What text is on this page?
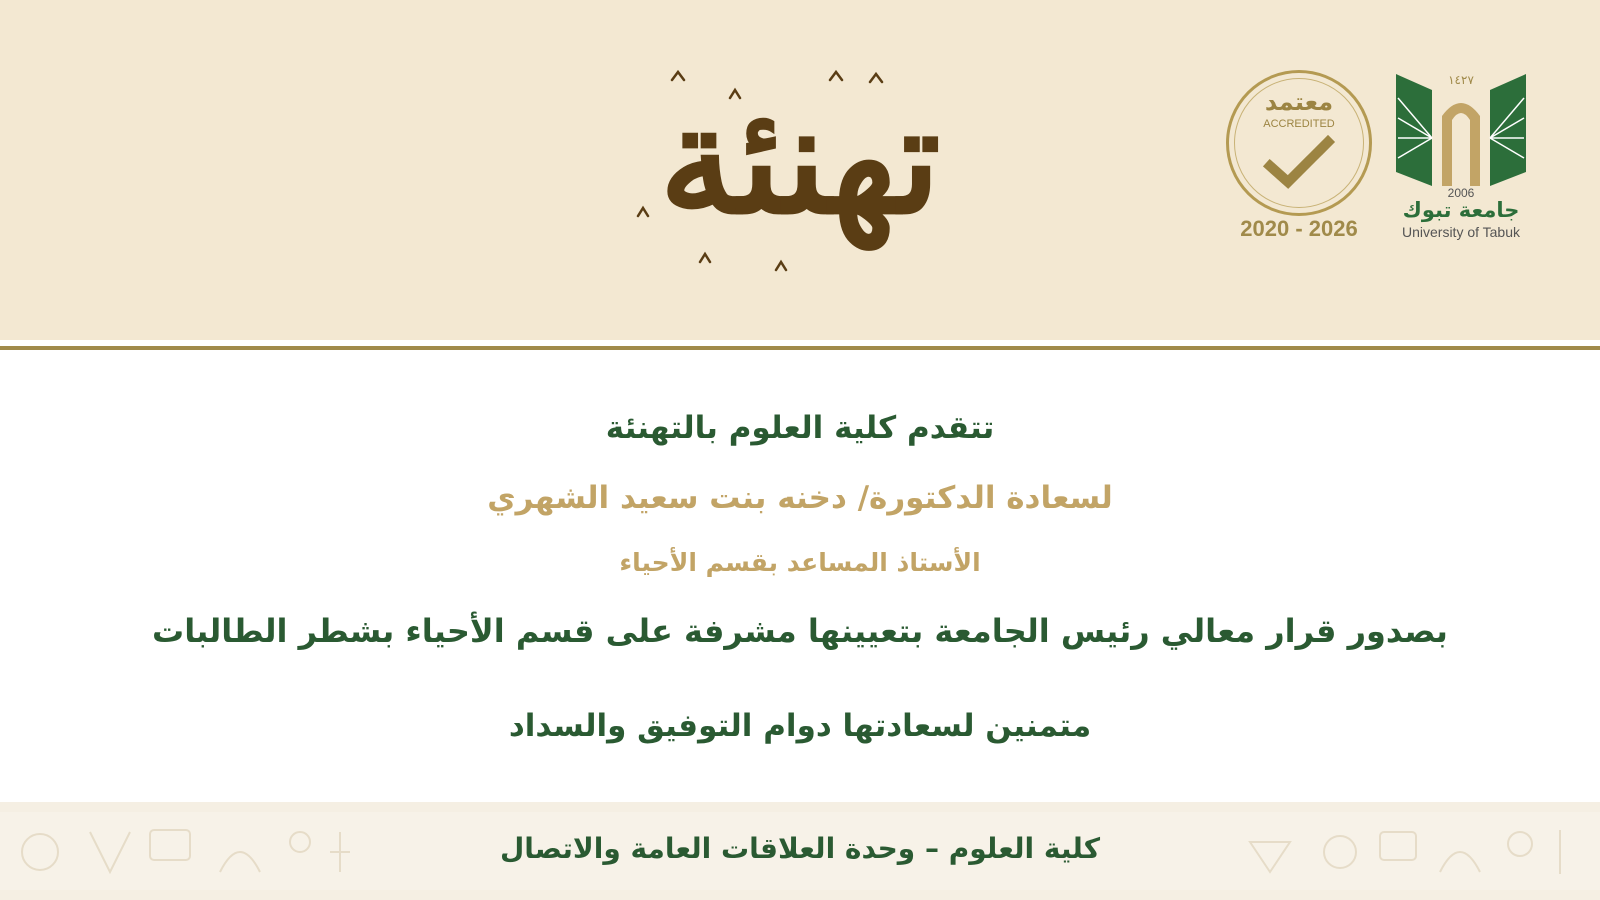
تهنئة	معتمد
ACCREDITED
2020 - 2026
١٤٢٧
2006
جامعة تبوك
University of Tabuk
تتقدم كلية العلوم بالتهنئة
لسعادة الدكتورة/ دخنه بنت سعيد الشهري
الأستاذ المساعد بقسم الأحياء
بصدور قرار معالي رئيس الجامعة بتعيينها مشرفة على قسم الأحياء بشطر الطالبات
متمنين لسعادتها دوام التوفيق والسداد
كلية العلوم – وحدة العلاقات العامة والاتصال
